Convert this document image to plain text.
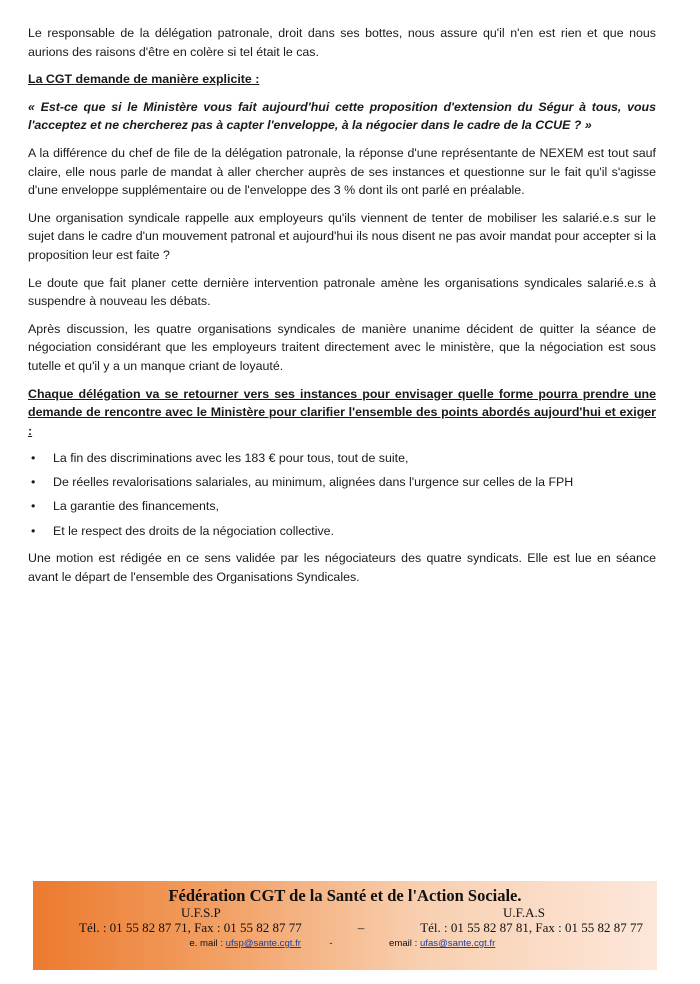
Le responsable de la délégation patronale, droit dans ses bottes, nous assure qu'il n'en est rien et que nous aurions des raisons d'être en colère si tel était le cas.

La CGT demande de manière explicite :

« Est-ce que si le Ministère vous fait aujourd'hui cette proposition d'extension du Ségur à tous, vous l'acceptez et ne chercherez pas à capter l'enveloppe, à la négocier dans le cadre de la CCUE ? »

A la différence du chef de file de la délégation patronale, la réponse d'une représentante de NEXEM est tout sauf claire, elle nous parle de mandat à aller chercher auprès de ses instances et questionne sur le fait qu'il s'agisse d'une enveloppe supplémentaire ou de l'enveloppe des 3 % dont ils ont parlé en préalable.

Une organisation syndicale rappelle aux employeurs qu'ils viennent de tenter de mobiliser les salarié.e.s sur le sujet dans le cadre d'un mouvement patronal et aujourd'hui ils nous disent ne pas avoir mandat pour accepter si la proposition leur est faite ?

Le doute que fait planer cette dernière intervention patronale amène les organisations syndicales salarié.e.s à suspendre à nouveau les débats.

Après discussion, les quatre organisations syndicales de manière unanime décident de quitter la séance de négociation considérant que les employeurs traitent directement avec le ministère, que la négociation est sous tutelle et qu'il y a un manque criant de loyauté.

Chaque délégation va se retourner vers ses instances pour envisager quelle forme pourra prendre une demande de rencontre avec le Ministère pour clarifier l'ensemble des points abordés aujourd'hui et exiger :

• La fin des discriminations avec les 183 € pour tous, tout de suite,
• De réelles revalorisations salariales, au minimum, alignées dans l'urgence sur celles de la FPH
• La garantie des financements,
• Et le respect des droits de la négociation collective.

Une motion est rédigée en ce sens validée par les négociateurs des quatre syndicats. Elle est lue en séance avant le départ de l'ensemble des Organisations Syndicales.

Fédération CGT de la Santé et de l'Action Sociale.
U.F.S.P	U.F.A.S
Tél. : 01 55 82 87 71, Fax : 01 55 82 87 77	–	Tél. : 01 55 82 87 81, Fax : 01 55 82 87 77
e. mail : ufsp@sante.cgt.fr	-	email : ufas@sante.cgt.fr
